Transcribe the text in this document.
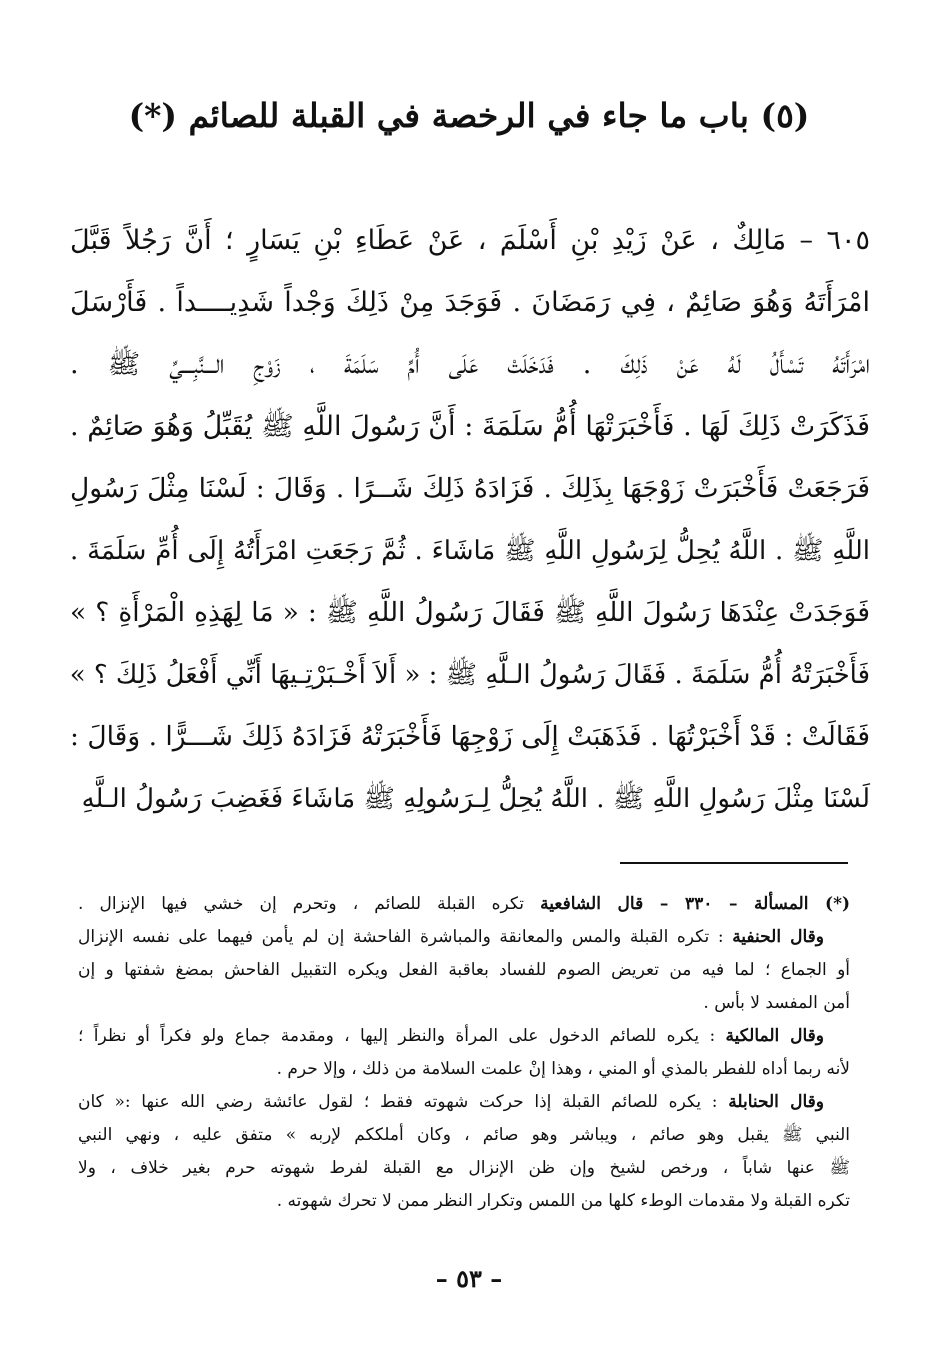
(٥) باب ما جاء في الرخصة في القبلة للصائم (*)
٦٠٥ – مَالِكٌ ، عَنْ زَيْدِ بْنِ أَسْلَمَ ، عَنْ عَطَاءِ بْنِ يَسَارٍ ؛ أَنَّ رَجُلاً قَبَّلَ
امْرَأَتَهُ وَهُوَ صَائِمٌ ، فِي رَمَضَانَ . فَوَجَدَ مِنْ ذَلِكَ وَجْداً شَدِيــــداً . فَأَرْسَلَ
امْرَأَتَهُ تَسْأَلُ لَهُ عَنْ ذَلِكَ . فَدَخَلَتْ عَلَى أُمِّ سَلَمَةَ ، زَوْجِ الـــنَّبِـــيِّ ﷺ .
فَذَكَرَتْ ذَلِكَ لَهَا . فَأَخْبَرَتْهَا أُمُّ سَلَمَةَ : أَنَّ رَسُولَ اللَّهِ ﷺ يُقَبِّلُ وَهُوَ صَائِمٌ .
فَرَجَعَتْ فَأَخْبَرَتْ زَوْجَهَا بِذَلِكَ . فَزَادَهُ ذَلِكَ شَــرًا . وَقَالَ : لَسْنَا مِثْلَ رَسُولِ
اللَّهِ ﷺ . اللَّهُ يُحِلُّ لِرَسُولِ اللَّهِ ﷺ مَاشَاءَ . ثُمَّ رَجَعَتِ امْرَأَتُهُ إِلَى أُمِّ سَلَمَةَ .
فَوَجَدَتْ عِنْدَهَا رَسُولَ اللَّهِ ﷺ فَقَالَ رَسُولُ اللَّهِ ﷺ : « مَا لِهَذِهِ الْمَرْأَةِ ؟ »
فَأَخْبَرَتْهُ أُمُّ سَلَمَةَ . فَقَالَ رَسُولُ الـلَّهِ ﷺ : « أَلاَ أَخْـبَرْتِـيهَا أَنِّي أَفْعَلُ ذَلِكَ ؟ »
فَقَالَتْ : قَدْ أَخْبَرْتُهَا . فَذَهَبَتْ إِلَى زَوْجِهَا فَأَخْبَرَتْهُ فَزَادَهُ ذَلِكَ شَـــرًّا . وَقَالَ :
لَسْنَا مِثْلَ رَسُولِ اللَّهِ ﷺ . اللَّهُ يُحِلُّ لِـرَسُولِهِ ﷺ مَاشَاءَ فَغَضِبَ رَسُولُ الـلَّهِ
(*) المسألة – ٣٣٠ – قال الشافعية تكره القبلة للصائم ، وتحرم إن خشي فيها الإنزال .
وقال الحنفية : تكره القبلة والمس والمعانقة والمباشرة الفاحشة إن لم يأمن فيهما على نفسه الإنزال
أو الجماع ؛ لما فيه من تعريض الصوم للفساد بعاقبة الفعل ويكره التقبيل الفاحش بمضغ شفتها و إن
أمن المفسد لا بأس .
وقال المالكية : يكره للصائم الدخول على المرأة والنظر إليها ، ومقدمة جماع ولو فكراً أو نظراً ؛
لأنه ربما أداه للفطر بالمذي أو المني ، وهذا إنْ علمت السلامة من ذلك ، وإلا حرم .
وقال الحنابلة : يكره للصائم القبلة إذا حركت شهوته فقط ؛ لقول عائشة رضي الله عنها :« كان
النبي ﷺ يقبل وهو صائم ، ويباشر وهو صائم ، وكان أملككم لإربه » متفق عليه ، ونهي النبي
ﷺ عنها شاباً ، ورخص لشيخ وإن ظن الإنزال مع القبلة لفرط شهوته حرم بغير خلاف ، ولا
تكره القبلة ولا مقدمات الوطء كلها من اللمس وتكرار النظر ممن لا تحرك شهوته .
– ٥٣ –
